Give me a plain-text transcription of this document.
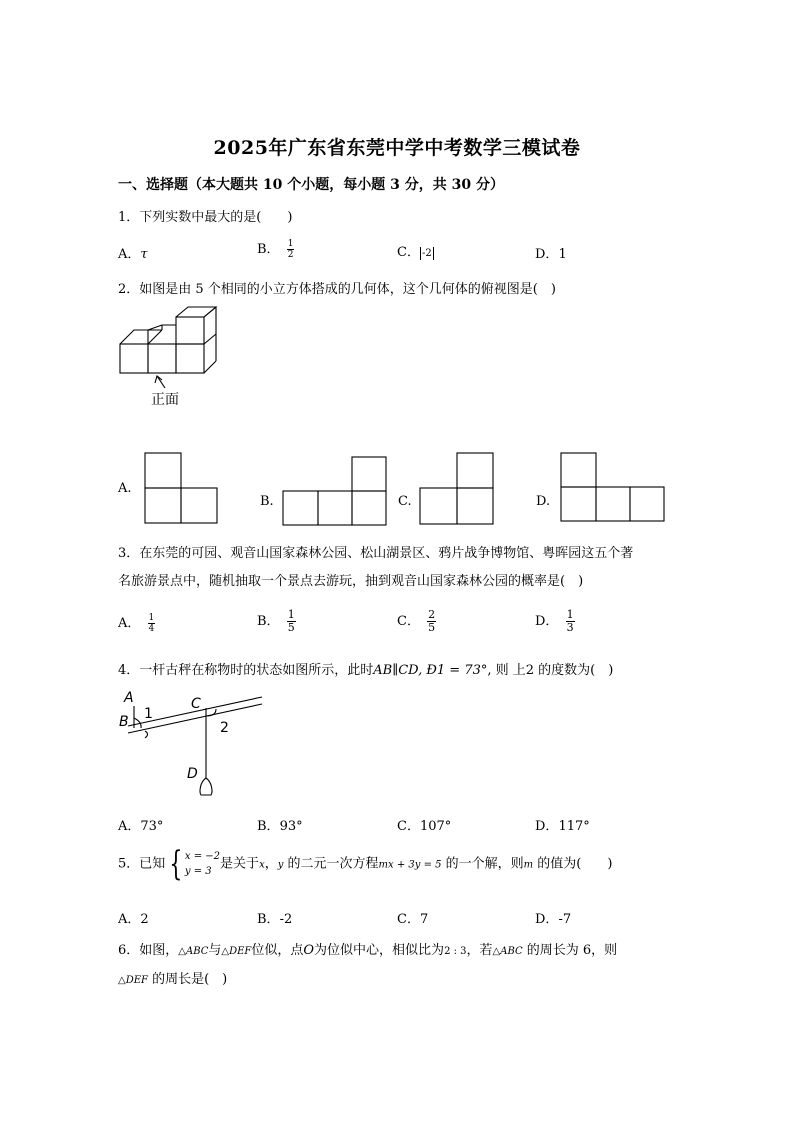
2025年广东省东莞中学中考数学三模试卷
一、选择题（本大题共 10 个小题，每小题 3 分，共 30 分）
1．下列实数中最大的是(　　)
A．τ	B． $\frac{1}{2}$	C． -2	D．1
2．如图是由 5 个相同的小立方体搭成的几何体，这个几何体的俯视图是(　)
正面
A.
B.	C.	D.
3．在东莞的可园、观音山国家森林公园、松山湖景区、鸦片战争博物馆、粤晖园这五个著
名旅游景点中，随机抽取一个景点去游玩，抽到观音山国家森林公园的概率是(　)
A． $\frac{1}{4}$	B． $\frac{1}{5}$	C． $\frac{2}{5}$	D． $\frac{1}{3}$
4．一杆古秤在称物时的状态如图所示，此时AB∥CD, Ð1 = 73°, 则 上2 的度数为(　)
A
B 1
C
2
D
A．73°	B．93°	C．107°	D．117°
5．已知 { x = −2
y = 3 是关于x，y 的二元一次方程mx + 3y = 5 的一个解，则m 的值为(　　)
A．2	B．-2	C．7	D．-7
6．如图，△ABC与△DEF位似，点O为位似中心，相似比为2 : 3，若△ABC 的周长为 6，则
△DEF 的周长是(　)
